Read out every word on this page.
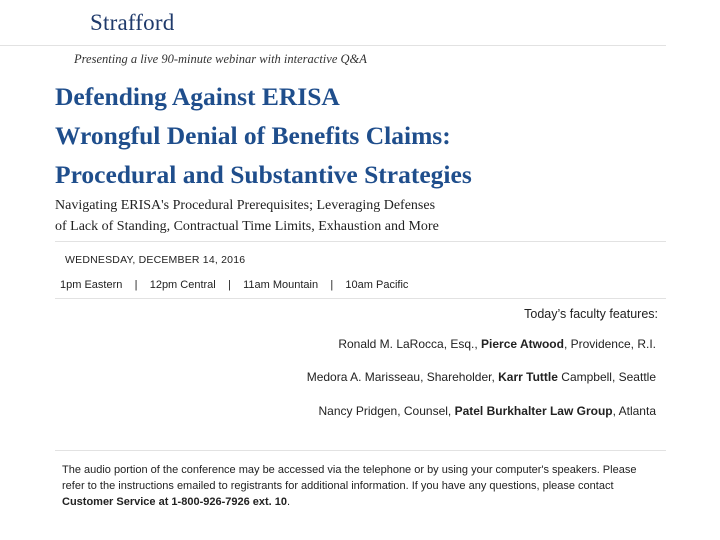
Strafford
Presenting a live 90-minute webinar with interactive Q&A
Defending Against ERISA
Wrongful Denial of Benefits Claims:
Procedural and Substantive Strategies
Navigating ERISA's Procedural Prerequisites; Leveraging Defenses
of Lack of Standing, Contractual Time Limits, Exhaustion and More
WEDNESDAY, DECEMBER 14, 2016
1pm Eastern | 12pm Central | 11am Mountain | 10am Pacific
Today’s faculty features:
Ronald M. LaRocca, Esq., Pierce Atwood, Providence, R.I.
Medora A. Marisseau, Shareholder, Karr Tuttle Campbell, Seattle
Nancy Pridgen, Counsel, Patel Burkhalter Law Group, Atlanta
The audio portion of the conference may be accessed via the telephone or by using your computer's speakers. Please refer to the instructions emailed to registrants for additional information. If you have any questions, please contact Customer Service at 1-800-926-7926 ext. 10.
